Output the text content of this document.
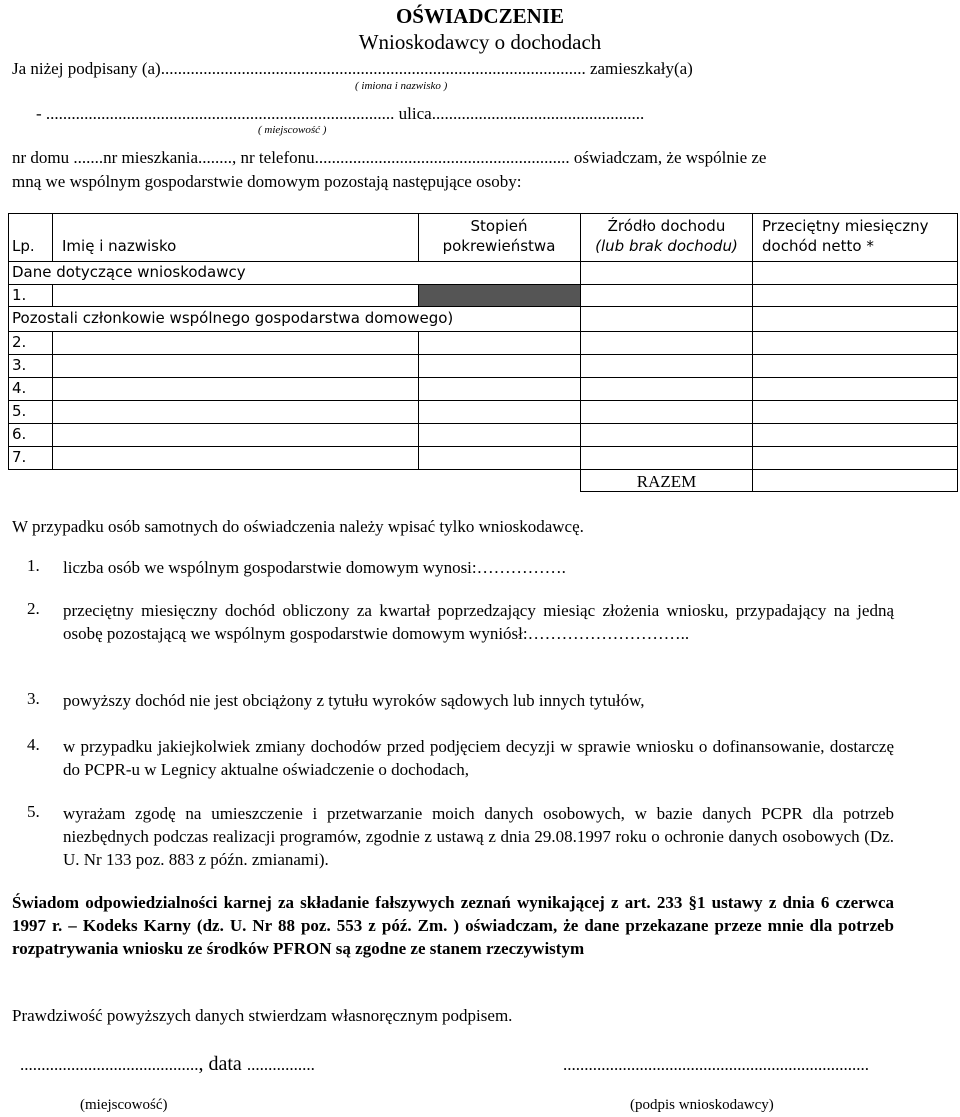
OŚWIADCZENIE
Wnioskodawcy o dochodach
Ja niżej podpisany (a).................................................................................................... zamieszkały(a)
( imiona i nazwisko )
- .................................................................................. ulica..................................................
( miejscowość )
nr domu .......nr mieszkania........, nr telefonu............................................................ oświadczam, że wspólnie ze
mną we wspólnym gospodarstwie domowym pozostają następujące osoby:
Lp. Imię i nazwisko
Stopień
pokrewieństwa
Źródło dochodu
(lub brak dochodu)
Przeciętny miesięczny
dochód netto *
Dane dotyczące wnioskodawcy
1.
Pozostali członkowie wspólnego gospodarstwa domowego)
2.
3.
4.
5.
6.
7.
RAZEM
W przypadku osób samotnych do oświadczenia należy wpisać tylko wnioskodawcę.
1. liczba osób we wspólnym gospodarstwie domowym wynosi:…………….
2. przeciętny miesięczny dochód obliczony za kwartał poprzedzający miesiąc złożenia wniosku, przypadający na jedną osobę pozostającą we wspólnym gospodarstwie domowym wyniósł:………………………..
3. powyższy dochód nie jest obciążony z tytułu wyroków sądowych lub innych tytułów,
4. w przypadku jakiejkolwiek zmiany dochodów przed podjęciem decyzji w sprawie wniosku o dofinansowanie, dostarczę do PCPR-u w Legnicy aktualne oświadczenie o dochodach,
5. wyrażam zgodę na umieszczenie i przetwarzanie moich danych osobowych, w bazie danych PCPR dla potrzeb niezbędnych podczas realizacji programów, zgodnie z ustawą z dnia 29.08.1997 roku o ochronie danych osobowych (Dz. U. Nr 133 poz. 883 z późn. zmianami).
Świadom odpowiedzialności karnej za składanie fałszywych zeznań wynikającej z art. 233 §1 ustawy z dnia 6 czerwca 1997 r. – Kodeks Karny (dz. U. Nr 88 poz. 553 z póź. Zm. ) oświadczam, że dane przekazane przeze mnie dla potrzeb rozpatrywania wniosku ze środków PFRON są zgodne ze stanem rzeczywistym
Prawdziwość powyższych danych stwierdzam własnoręcznym podpisem.
.........................................., data ................	........................................................................
(miejscowość)	(podpis wnioskodawcy)
